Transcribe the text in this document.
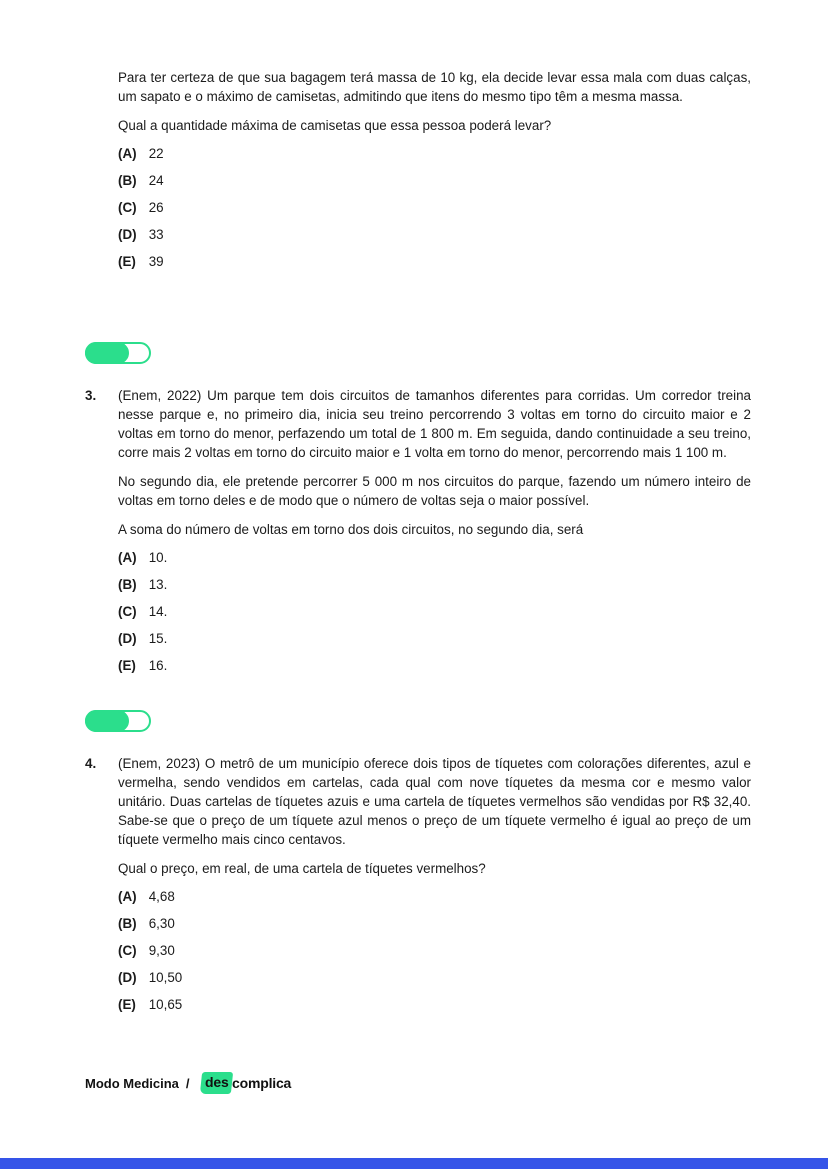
Para ter certeza de que sua bagagem terá massa de 10 kg, ela decide levar essa mala com duas calças, um sapato e o máximo de camisetas, admitindo que itens do mesmo tipo têm a mesma massa.

Qual a quantidade máxima de camisetas que essa pessoa poderá levar?

(A) 22
(B) 24
(C) 26
(D) 33
(E) 39
3.	(Enem, 2022) Um parque tem dois circuitos de tamanhos diferentes para corridas. Um corredor treina nesse parque e, no primeiro dia, inicia seu treino percorrendo 3 voltas em torno do circuito maior e 2 voltas em torno do menor, perfazendo um total de 1 800 m. Em seguida, dando continuidade a seu treino, corre mais 2 voltas em torno do circuito maior e 1 volta em torno do menor, percorrendo mais 1 100 m.

No segundo dia, ele pretende percorrer 5 000 m nos circuitos do parque, fazendo um número inteiro de voltas em torno deles e de modo que o número de voltas seja o maior possível.

A soma do número de voltas em torno dos dois circuitos, no segundo dia, será

(A) 10.
(B) 13.
(C) 14.
(D) 15.
(E) 16.
4.	(Enem, 2023) O metrô de um município oferece dois tipos de tíquetes com colorações diferentes, azul e vermelha, sendo vendidos em cartelas, cada qual com nove tíquetes da mesma cor e mesmo valor unitário. Duas cartelas de tíquetes azuis e uma cartela de tíquetes vermelhos são vendidas por R$ 32,40. Sabe-se que o preço de um tíquete azul menos o preço de um tíquete vermelho é igual ao preço de um tíquete vermelho mais cinco centavos.

Qual o preço, em real, de uma cartela de tíquetes vermelhos?

(A) 4,68
(B) 6,30
(C) 9,30
(D) 10,50
(E) 10,65
Modo Medicina /	des complica
